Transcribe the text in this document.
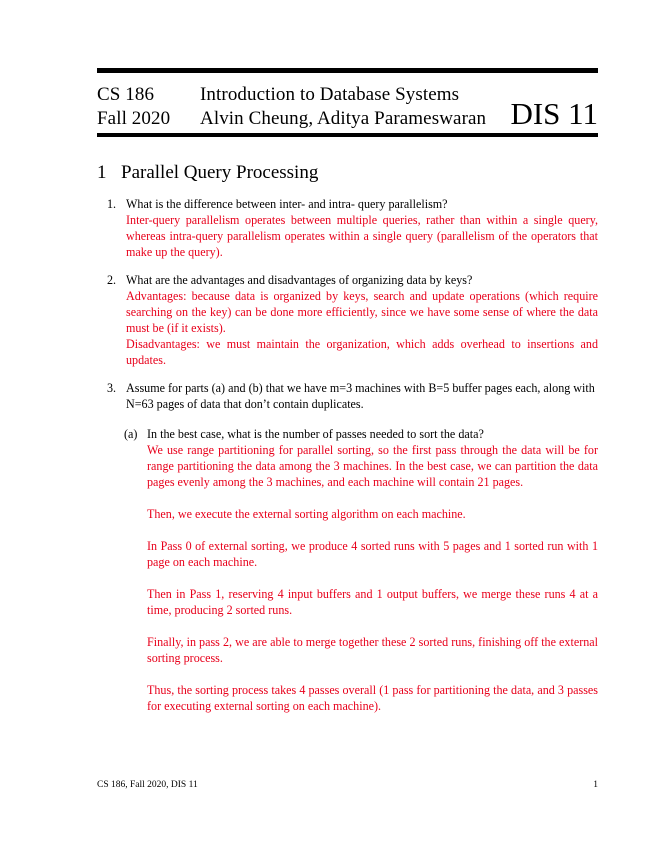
CS 186
Fall 2020
Introduction to Database Systems
Alvin Cheung, Aditya Parameswaran DIS 11
1 Parallel Query Processing
1. What is the difference between inter- and intra- query parallelism?
Inter-query parallelism operates between multiple queries, rather than within a single query, whereas intra-query parallelism operates within a single query (parallelism of the operators that make up the query).
2. What are the advantages and disadvantages of organizing data by keys?
Advantages: because data is organized by keys, search and update operations (which require searching on the key) can be done more efficiently, since we have some sense of where the data must be (if it exists).
Disadvantages: we must maintain the organization, which adds overhead to insertions and updates.
3. Assume for parts (a) and (b) that we have m=3 machines with B=5 buffer pages each, along with N=63 pages of data that don’t contain duplicates.
(a) In the best case, what is the number of passes needed to sort the data?
We use range partitioning for parallel sorting, so the first pass through the data will be for range partitioning the data among the 3 machines. In the best case, we can partition the data pages evenly among the 3 machines, and each machine will contain 21 pages.
Then, we execute the external sorting algorithm on each machine.
In Pass 0 of external sorting, we produce 4 sorted runs with 5 pages and 1 sorted run with 1 page on each machine.
Then in Pass 1, reserving 4 input buffers and 1 output buffers, we merge these runs 4 at a time, producing 2 sorted runs.
Finally, in pass 2, we are able to merge together these 2 sorted runs, finishing off the external sorting process.
Thus, the sorting process takes 4 passes overall (1 pass for partitioning the data, and 3 passes for executing external sorting on each machine).
CS 186, Fall 2020, DIS 11	1
